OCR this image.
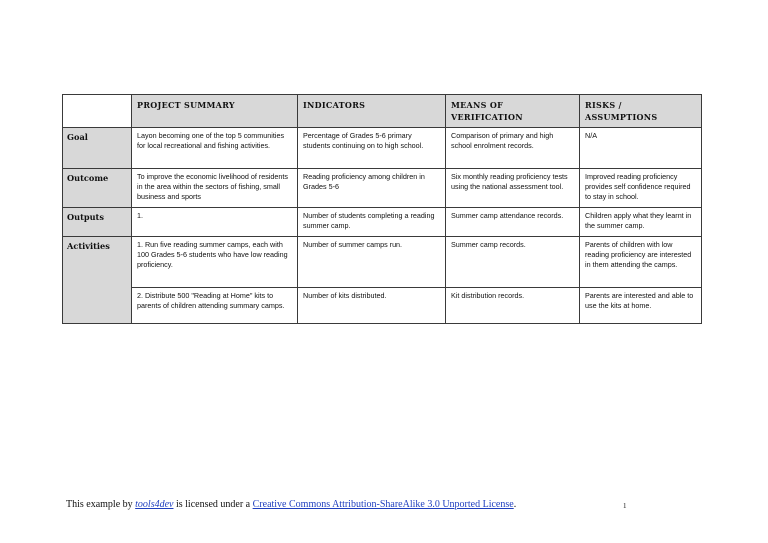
	PROJECT SUMMARY	INDICATORS	MEANS OF VERIFICATION	RISKS / ASSUMPTIONS
Goal	Layon becoming one of the top 5 communities for local recreational and fishing activities.	Percentage of Grades 5-6 primary students continuing on to high school.	Comparison of primary and high school enrolment records.	N/A
Outcome	To improve the economic livelihood of residents in the area within the sectors of fishing, small business and sports	Reading proficiency among children in Grades 5-6	Six monthly reading proficiency tests using the national assessment tool.	Improved reading proficiency provides self confidence required to stay in school.
Outputs	1.	Number of students completing a reading summer camp.	Summer camp attendance records.	Children apply what they learnt in the summer camp.
Activities	1. Run five reading summer camps, each with 100 Grades 5-6 students who have low reading proficiency.	Number of summer camps run.	Summer camp records.	Parents of children with low reading proficiency are interested in them attending the camps.
	2. Distribute 500 "Reading at Home" kits to parents of children attending summary camps.	Number of kits distributed.	Kit distribution records.	Parents are interested and able to use the kits at home.
This example by tools4dev is licensed under a Creative Commons Attribution-ShareAlike 3.0 Unported License.	1
